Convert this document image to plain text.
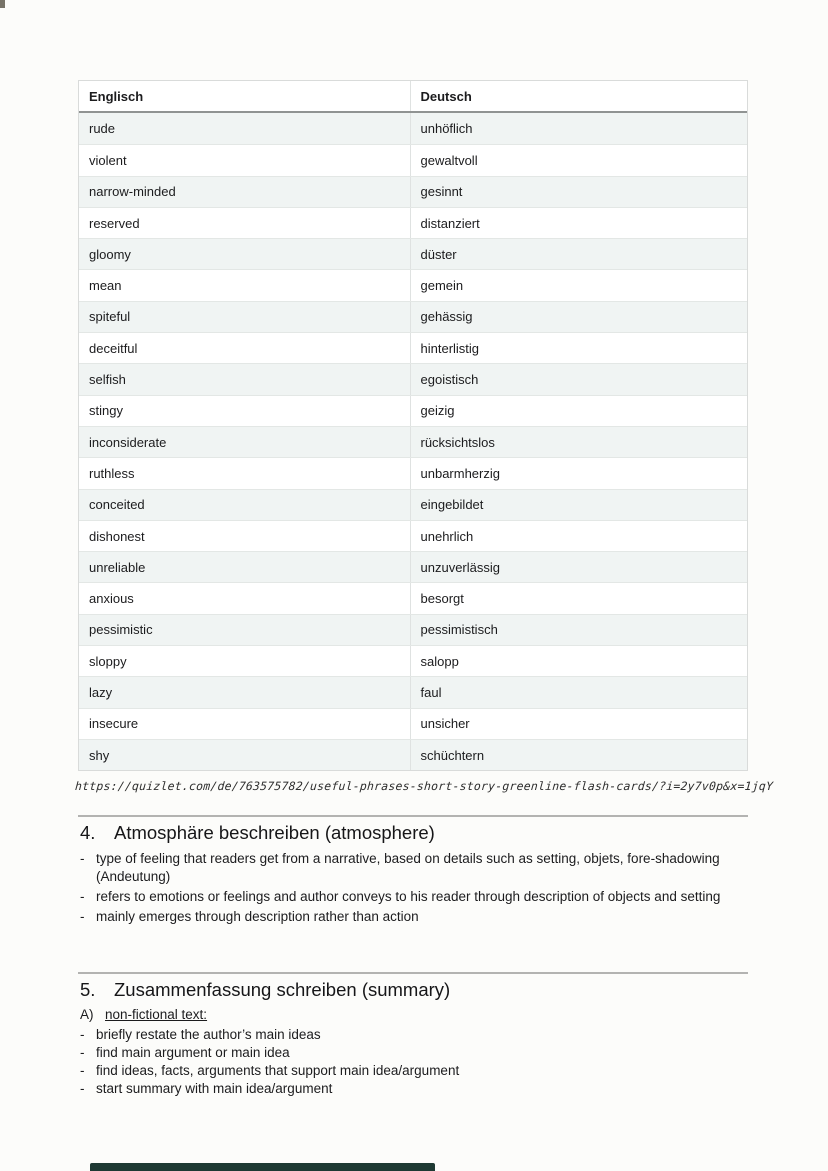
Englisch	Deutsch
rude	unhöflich
violent	gewaltvoll
narrow-minded	gesinnt
reserved	distanziert
gloomy	düster
mean	gemein
spiteful	gehässig
deceitful	hinterlistig
selfish	egoistisch
stingy	geizig
inconsiderate	rücksichtslos
ruthless	unbarmherzig
conceited	eingebildet
dishonest	unehrlich
unreliable	unzuverlässig
anxious	besorgt
pessimistic	pessimistisch
sloppy	salopp
lazy	faul
insecure	unsicher
shy	schüchtern
https://quizlet.com/de/763575782/useful-phrases-short-story-greenline-flash-cards/?i=2y7v0p&x=1jqY
4.	Atmosphäre beschreiben (atmosphere)
- type of feeling that readers get from a narrative, based on details such as setting, objets, fore-shadowing (Andeutung)
- refers to emotions or feelings and author conveys to his reader through description of objects and setting
- mainly emerges through description rather than action
5.	Zusammenfassung schreiben (summary)
A) non-fictional text:
- briefly restate the author’s main ideas
- find main argument or main idea
- find ideas, facts, arguments that support main idea/argument
- start summary with main idea/argument
